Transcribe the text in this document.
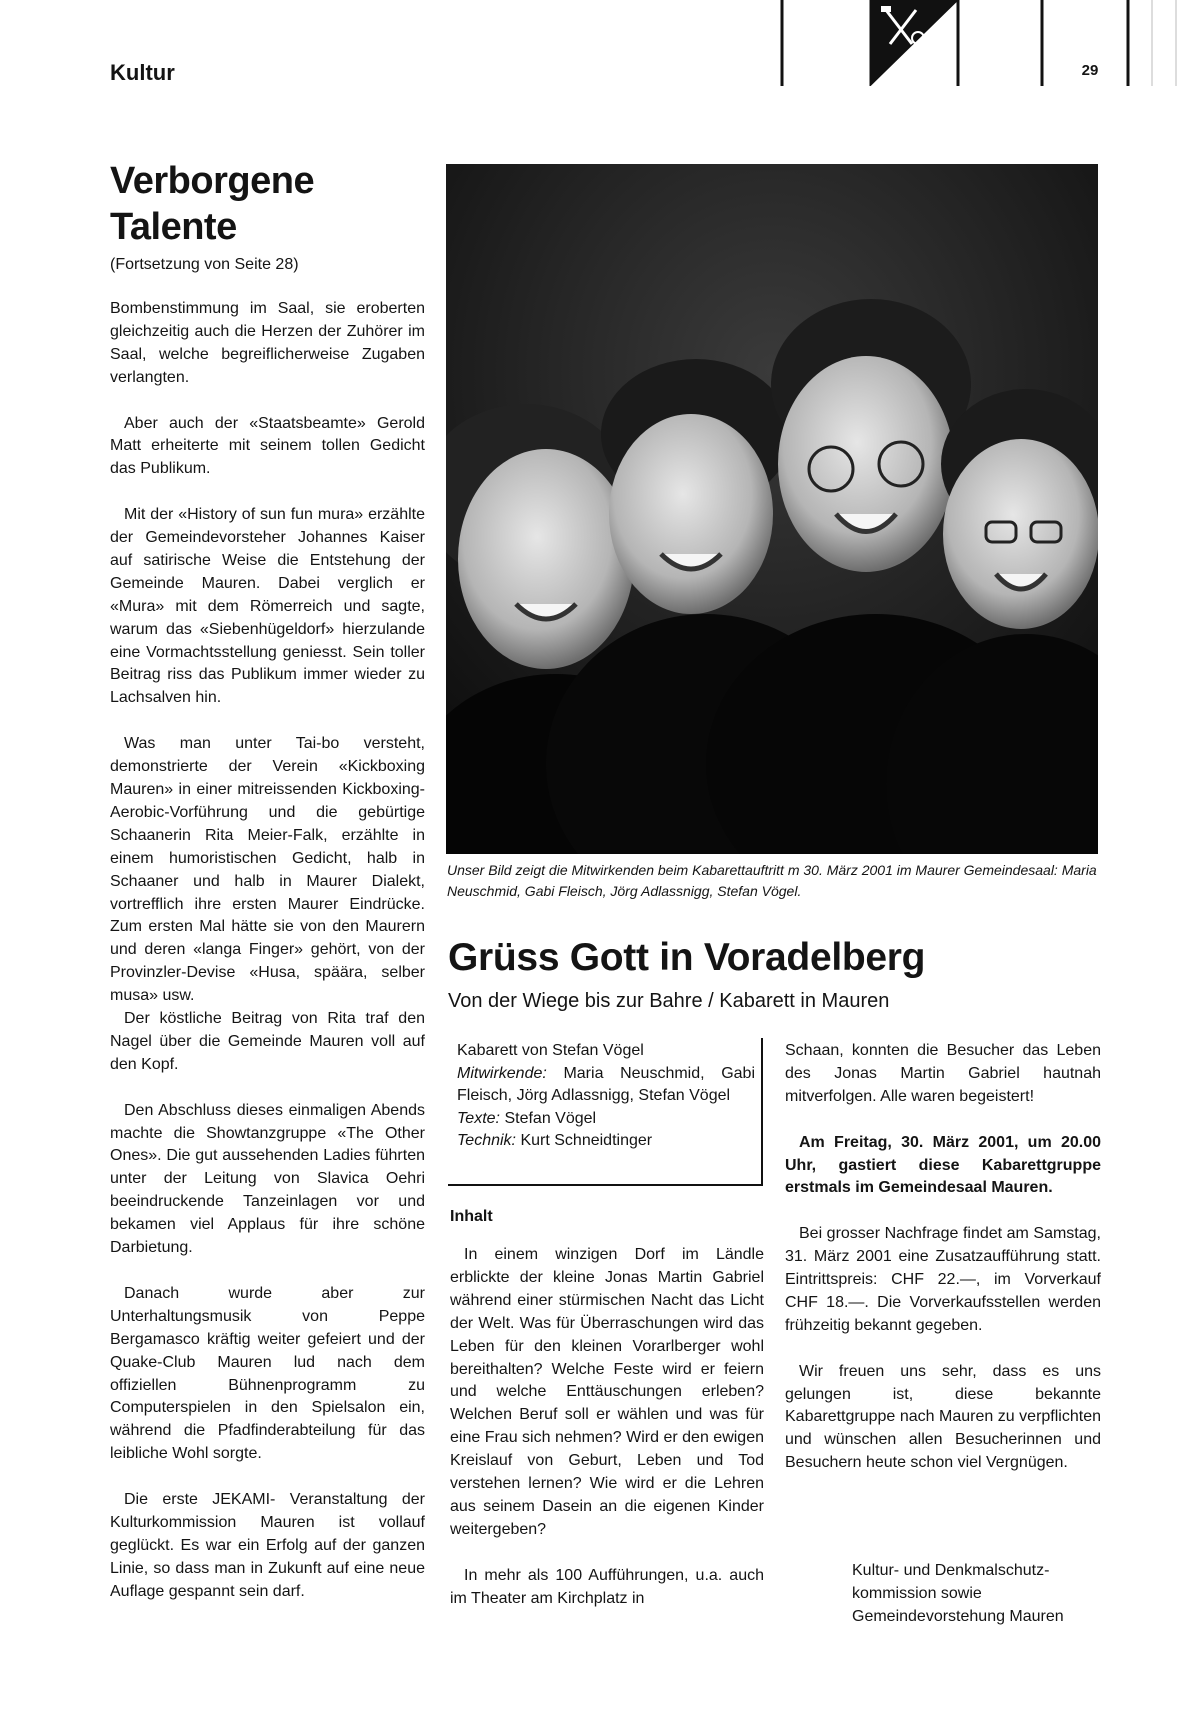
Kultur	29
Verborgene Talente
(Fortsetzung von Seite 28)

Bombenstimmung im Saal, sie eroberten gleichzeitig auch die Herzen der Zuhörer im Saal, welche begreiflicherweise Zugaben verlangten.

Aber auch der «Staatsbeamte» Gerold Matt erheiterte mit seinem tollen Gedicht das Publikum.

Mit der «History of sun fun mura» erzählte der Gemeindevorsteher Johannes Kaiser auf satirische Weise die Entstehung der Gemeinde Mauren. Dabei verglich er «Mura» mit dem Römerreich und sagte, warum das «Siebenhügeldorf» hierzulande eine Vormachtsstellung geniesst. Sein toller Beitrag riss das Publikum immer wieder zu Lachsalven hin.

Was man unter Tai-bo versteht, demonstrierte der Verein «Kickboxing Mauren» in einer mitreissenden Kickboxing-Aerobic-Vorführung und die gebürtige Schaanerin Rita Meier-Falk, erzählte in einem humoristischen Gedicht, halb in Schaaner und halb in Maurer Dialekt, vortrefflich ihre ersten Maurer Eindrücke. Zum ersten Mal hätte sie von den Maurern und deren «langa Finger» gehört, von der Provinzler-Devise «Husa, späära, selber musa» usw.

Der köstliche Beitrag von Rita traf den Nagel über die Gemeinde Mauren voll auf den Kopf.

Den Abschluss dieses einmaligen Abends machte die Showtanzgruppe «The Other Ones». Die gut aussehenden Ladies führten unter der Leitung von Slavica Oehri beeindruckende Tanzeinlagen vor und bekamen viel Applaus für ihre schöne Darbietung.

Danach wurde aber zur Unterhaltungsmusik von Peppe Bergamasco kräftig weiter gefeiert und der Quake-Club Mauren lud nach dem offiziellen Bühnenprogramm zu Computerspielen in den Spielsalon ein, während die Pfadfinderabteilung für das leibliche Wohl sorgte.

Die erste JEKAMI- Veranstaltung der Kulturkommission Mauren ist vollauf geglückt. Es war ein Erfolg auf der ganzen Linie, so dass man in Zukunft auf eine neue Auflage gespannt sein darf.

Unser Bild zeigt die Mitwirkenden beim Kabarettauftritt m 30. März 2001 im Maurer Gemeindesaal: Maria Neuschmid, Gabi Fleisch, Jörg Adlassnigg, Stefan Vögel.
Grüss Gott in Voradelberg
Von der Wiege bis zur Bahre / Kabarett in Mauren
Kabarett von Stefan Vögel
Mitwirkende: Maria Neuschmid, Gabi Fleisch, Jörg Adlassnigg, Stefan Vögel
Texte: Stefan Vögel
Technik: Kurt Schneidtinger
Inhalt

In einem winzigen Dorf im Ländle erblickte der kleine Jonas Martin Gabriel während einer stürmischen Nacht das Licht der Welt. Was für Überraschungen wird das Leben für den kleinen Vorarlberger wohl bereithalten? Welche Feste wird er feiern und welche Enttäuschungen erleben? Welchen Beruf soll er wählen und was für eine Frau sich nehmen? Wird er den ewigen Kreislauf von Geburt, Leben und Tod verstehen lernen? Wie wird er die Lehren aus seinem Dasein an die eigenen Kinder weitergeben?

In mehr als 100 Aufführungen, u.a. auch im Theater am Kirchplatz in

Schaan, konnten die Besucher das Leben des Jonas Martin Gabriel hautnah mitverfolgen. Alle waren begeistert!

Am Freitag, 30. März 2001, um 20.00 Uhr, gastiert diese Kabarettgruppe erstmals im Gemeindesaal Mauren.

Bei grosser Nachfrage findet am Samstag, 31. März 2001 eine Zusatzaufführung statt. Eintrittspreis: CHF 22.—, im Vorverkauf CHF 18.—. Die Vorverkaufsstellen werden frühzeitig bekannt gegeben.

Wir freuen uns sehr, dass es uns gelungen ist, diese bekannte Kabarettgruppe nach Mauren zu verpflichten und wünschen allen Besucherinnen und Besuchern heute schon viel Vergnügen.

Kultur- und Denkmalschutz-
kommission sowie
Gemeindevorstehung Mauren
